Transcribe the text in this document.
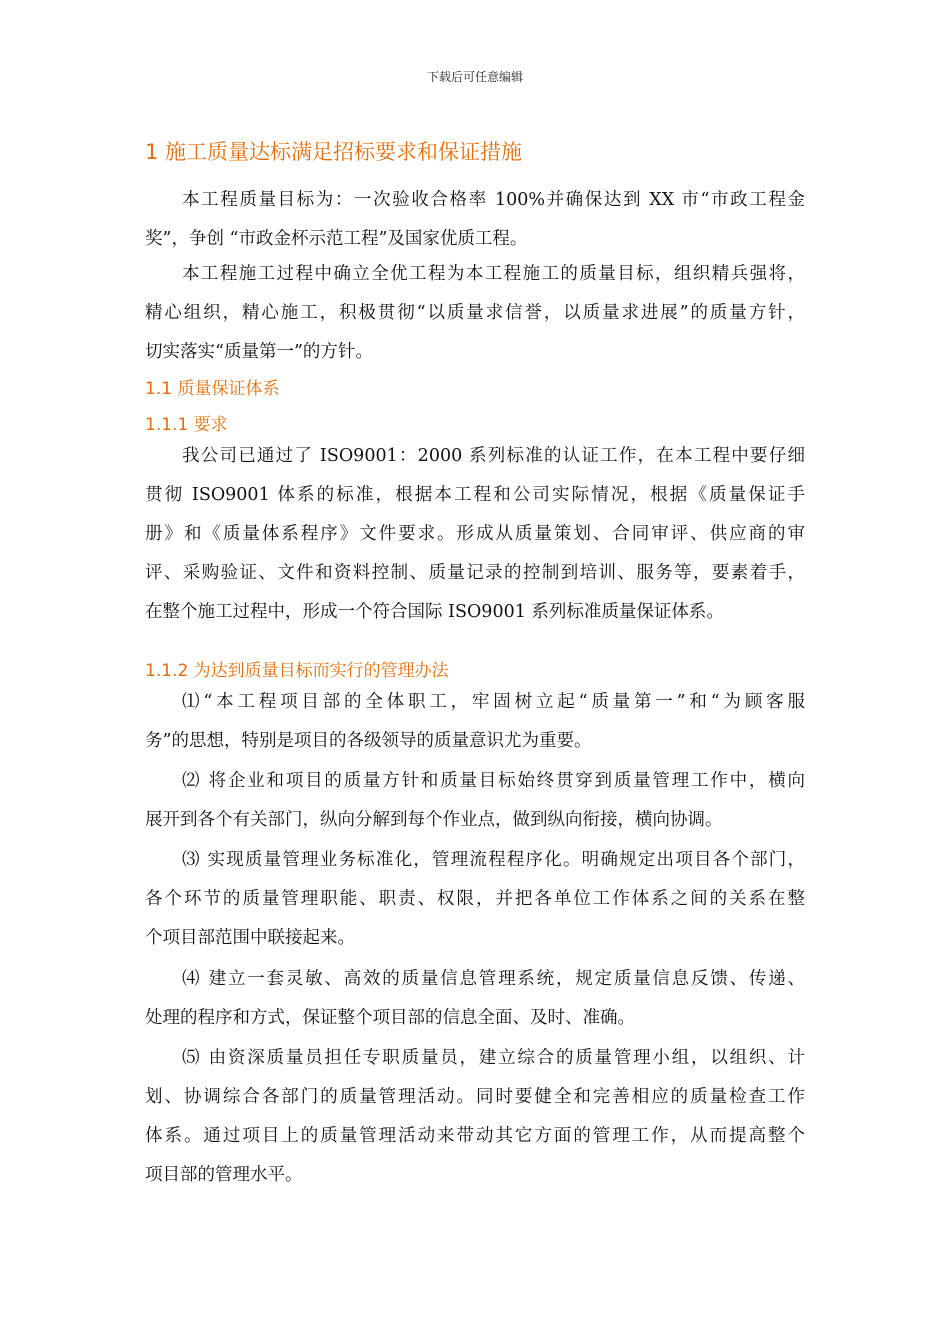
下载后可任意编辑
1 施工质量达标满足招标要求和保证措施
本工程质量目标为：一次验收合格率 100%并确保达到 XX 市“市政工程金
奖”，争创 “市政金杯示范工程”及国家优质工程。
本工程施工过程中确立全优工程为本工程施工的质量目标，组织精兵强将，
精心组织，精心施工，积极贯彻“以质量求信誉，以质量求进展”的质量方针，
切实落实“质量第一”的方针。
1.1 质量保证体系
1.1.1 要求
我公司已通过了 ISO9001：2000 系列标准的认证工作，在本工程中要仔细
贯彻 ISO9001 体系的标准，根据本工程和公司实际情况，根据《质量保证手
册》和《质量体系程序》文件要求。形成从质量策划、合同审评、供应商的审
评、采购验证、文件和资料控制、质量记录的控制到培训、服务等，要素着手，
在整个施工过程中，形成一个符合国际 ISO9001 系列标准质量保证体系。
1.1.2 为达到质量目标而实行的管理办法
⑴“本工程项目部的全体职工，牢固树立起“质量第一”和“为顾客服
务”的思想，特别是项目的各级领导的质量意识尤为重要。
⑵ 将企业和项目的质量方针和质量目标始终贯穿到质量管理工作中，横向
展开到各个有关部门，纵向分解到每个作业点，做到纵向衔接，横向协调。
⑶ 实现质量管理业务标准化，管理流程程序化。明确规定出项目各个部门，
各个环节的质量管理职能、职责、权限，并把各单位工作体系之间的关系在整
个项目部范围中联接起来。
⑷ 建立一套灵敏、高效的质量信息管理系统，规定质量信息反馈、传递、
处理的程序和方式，保证整个项目部的信息全面、及时、准确。
⑸ 由资深质量员担任专职质量员，建立综合的质量管理小组，以组织、计
划、协调综合各部门的质量管理活动。同时要健全和完善相应的质量检查工作
体系。通过项目上的质量管理活动来带动其它方面的管理工作，从而提高整个
项目部的管理水平。
